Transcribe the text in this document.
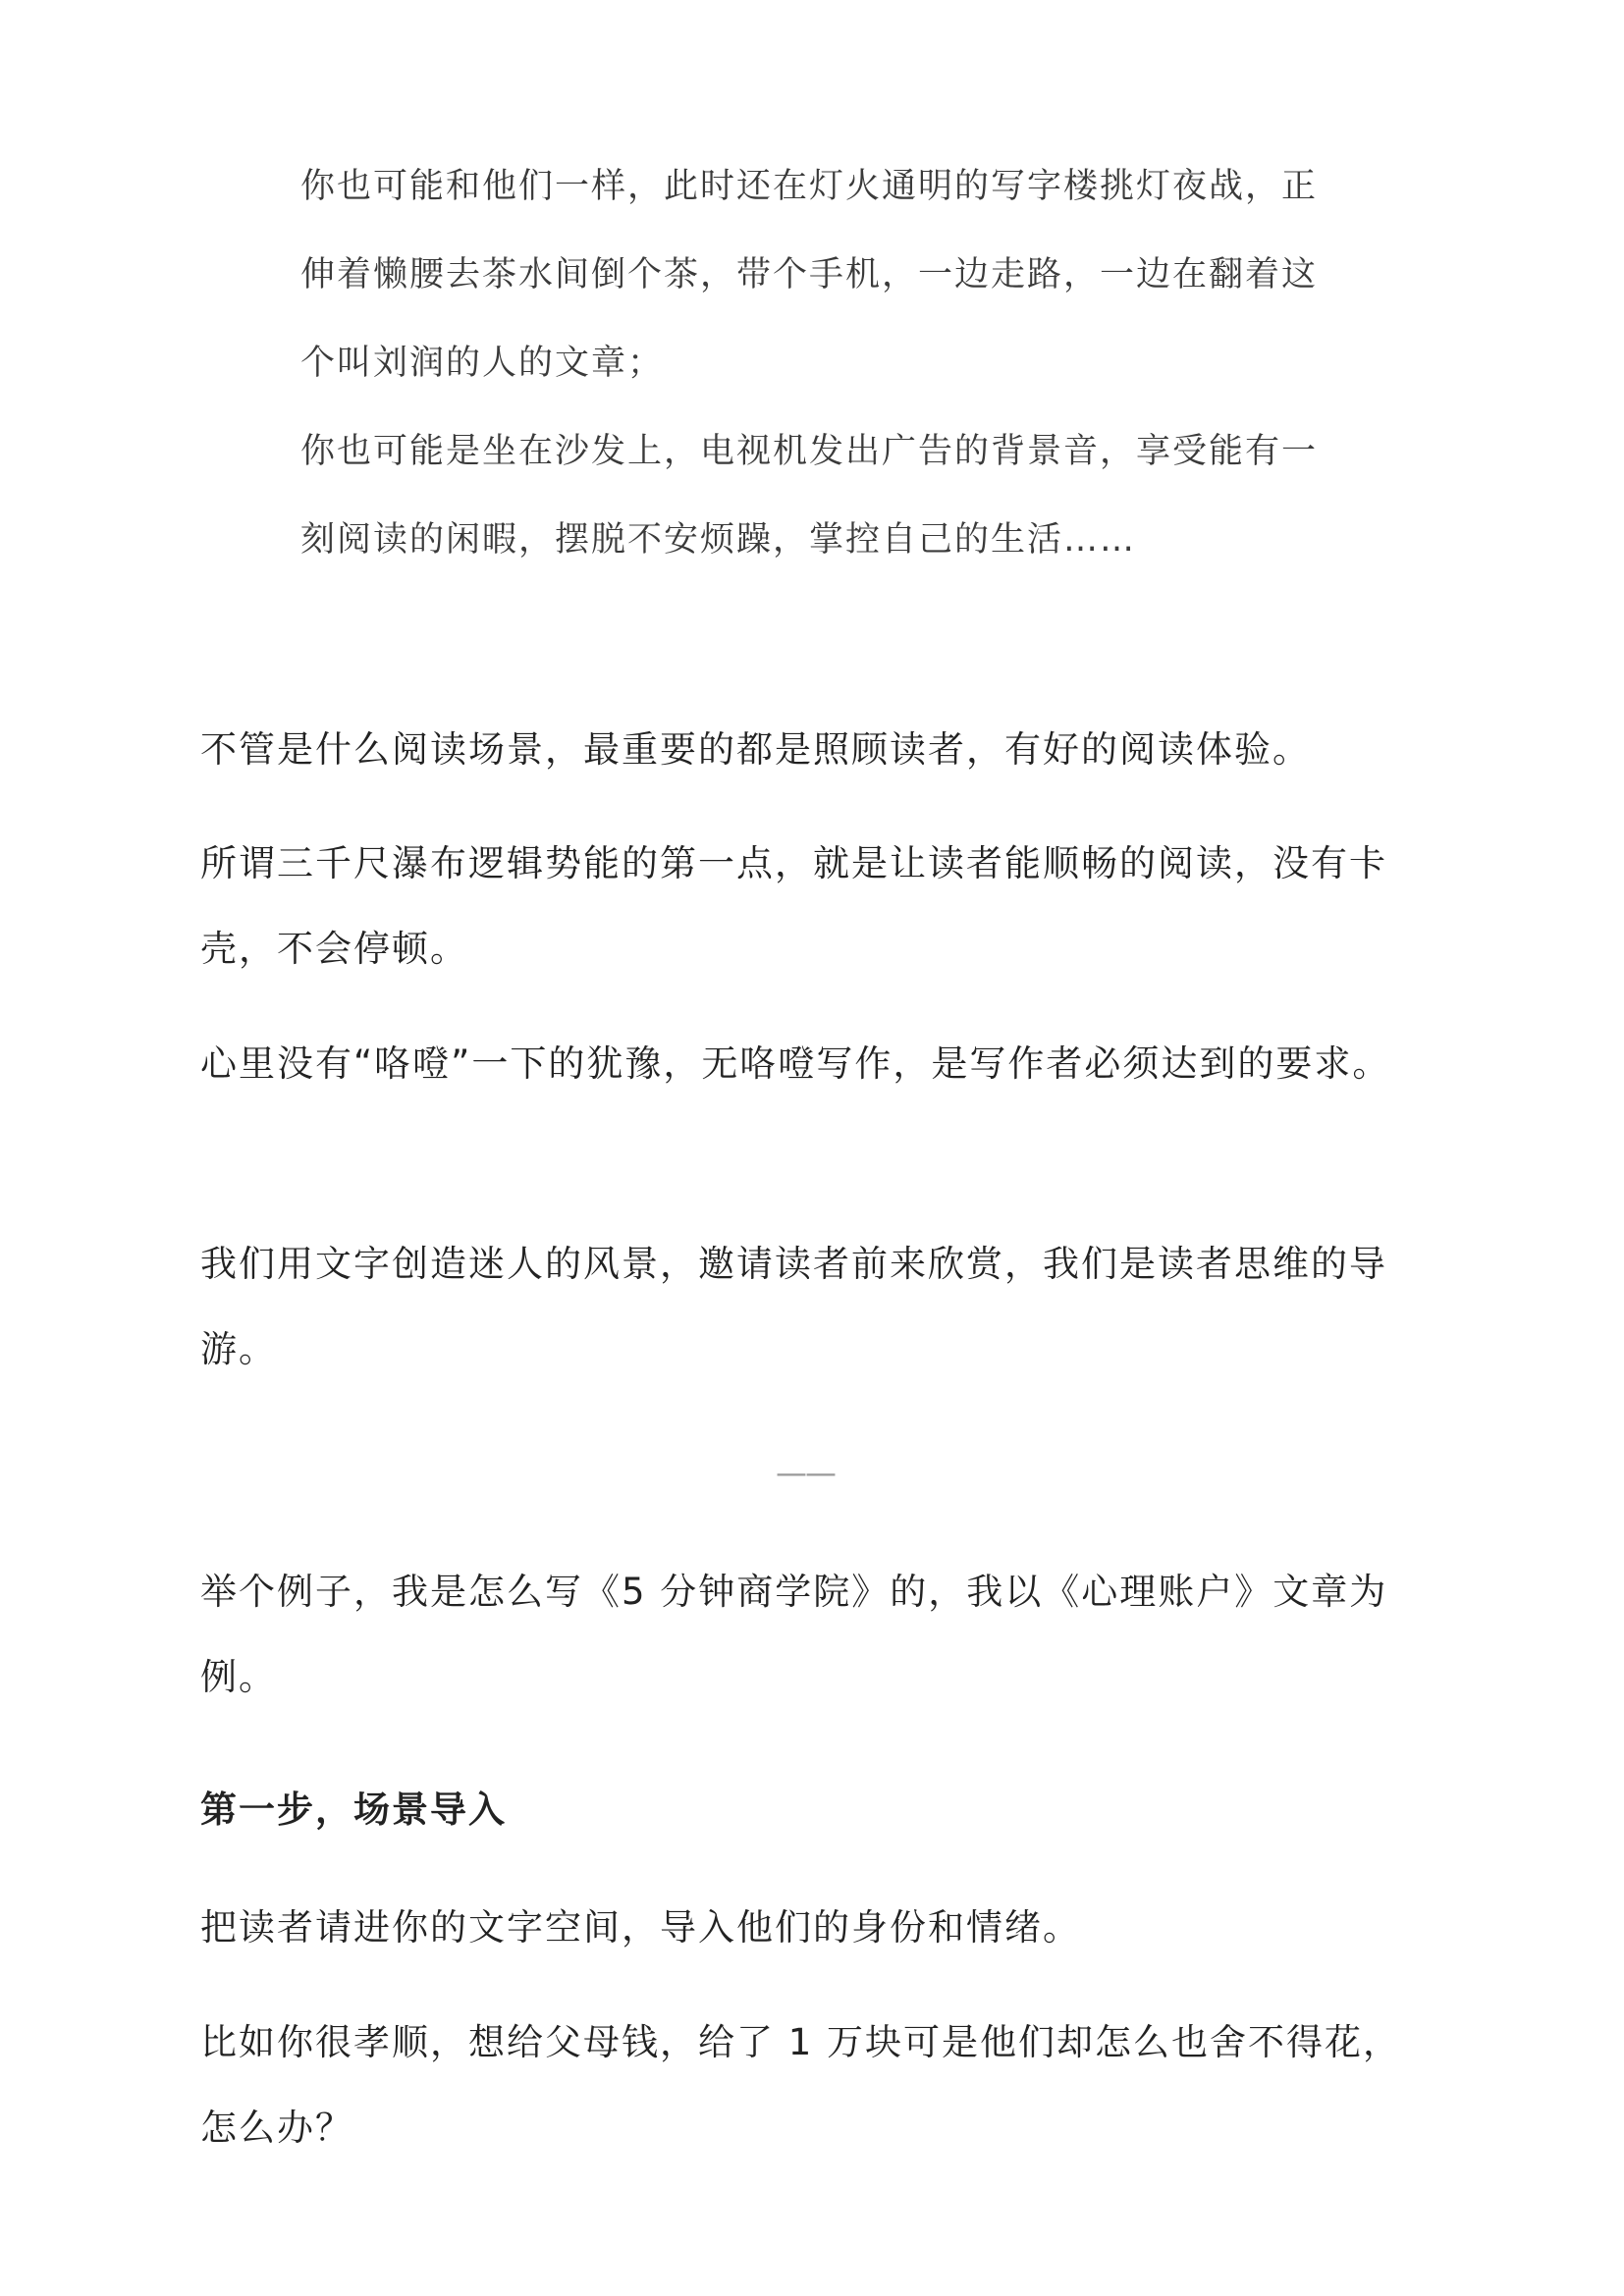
你也可能和他们一样，此时还在灯火通明的写字楼挑灯夜战，正伸着懒腰去茶水间倒个茶，带个手机，一边走路，一边在翻着这个叫刘润的人的文章；
你也可能是坐在沙发上，电视机发出广告的背景音，享受能有一刻阅读的闲暇，摆脱不安烦躁，掌控自己的生活……
不管是什么阅读场景，最重要的都是照顾读者，有好的阅读体验。
所谓三千尺瀑布逻辑势能的第一点，就是让读者能顺畅的阅读，没有卡壳，不会停顿。
心里没有“咯噔”一下的犹豫，无咯噔写作，是写作者必须达到的要求。
我们用文字创造迷人的风景，邀请读者前来欣赏，我们是读者思维的导游。
——
举个例子，我是怎么写《5 分钟商学院》的，我以《心理账户》文章为例。
第一步，场景导入
把读者请进你的文字空间，导入他们的身份和情绪。
比如你很孝顺，想给父母钱，给了 1 万块可是他们却怎么也舍不得花，怎么办？
